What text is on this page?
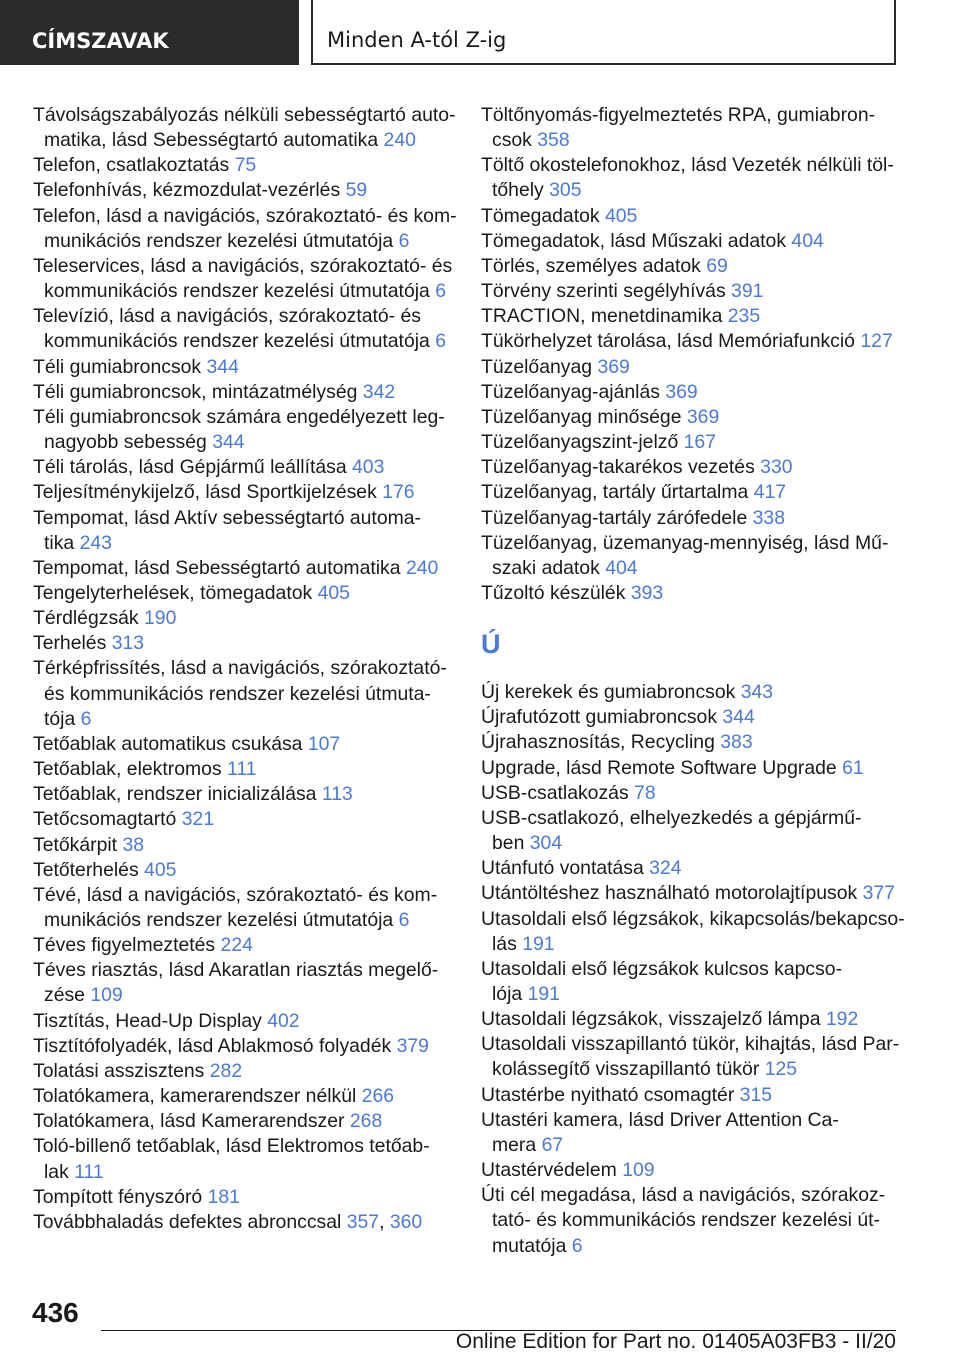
CÍMSZAVAK	Minden A-tól Z-ig
Távolságszabályozás nélküli sebességtartó auto-
matika, lásd Sebességtartó automatika 240
Telefon, csatlakoztatás 75
Telefonhívás, kézmozdulat-vezérlés 59
Telefon, lásd a navigációs, szórakoztató- és kom-
munikációs rendszer kezelési útmutatója 6
Teleservices, lásd a navigációs, szórakoztató- és
kommunikációs rendszer kezelési útmutatója 6
Televízió, lásd a navigációs, szórakoztató- és
kommunikációs rendszer kezelési útmutatója 6
Téli gumiabroncsok 344
Téli gumiabroncsok, mintázatmélység 342
Téli gumiabroncsok számára engedélyezett leg-
nagyobb sebesség 344
Téli tárolás, lásd Gépjármű leállítása 403
Teljesítménykijelző, lásd Sportkijelzések 176
Tempomat, lásd Aktív sebességtartó automa-
tika 243
Tempomat, lásd Sebességtartó automatika 240
Tengelyterhelések, tömegadatok 405
Térdlégzsák 190
Terhelés 313
Térképfrissítés, lásd a navigációs, szórakoztató-
és kommunikációs rendszer kezelési útmuta-
tója 6
Tetőablak automatikus csukása 107
Tetőablak, elektromos 111
Tetőablak, rendszer inicializálása 113
Tetőcsomagtartó 321
Tetőkárpit 38
Tetőterhelés 405
Tévé, lásd a navigációs, szórakoztató- és kom-
munikációs rendszer kezelési útmutatója 6
Téves figyelmeztetés 224
Téves riasztás, lásd Akaratlan riasztás megelő-
zése 109
Tisztítás, Head-Up Display 402
Tisztítófolyadék, lásd Ablakmosó folyadék 379
Tolatási asszisztens 282
Tolatókamera, kamerarendszer nélkül 266
Tolatókamera, lásd Kamerarendszer 268
Toló-billenő tetőablak, lásd Elektromos tetőab-
lak 111
Tompított fényszóró 181
Továbbhaladás defektes abronccsal 357, 360
Töltőnyomás-figyelmeztetés RPA, gumiabron-
csok 358
Töltő okostelefonokhoz, lásd Vezeték nélküli töl-
tőhely 305
Tömegadatok 405
Tömegadatok, lásd Műszaki adatok 404
Törlés, személyes adatok 69
Törvény szerinti segélyhívás 391
TRACTION, menetdinamika 235
Tükörhelyzet tárolása, lásd Memóriafunkció 127
Tüzelőanyag 369
Tüzelőanyag-ajánlás 369
Tüzelőanyag minősége 369
Tüzelőanyagszint-jelző 167
Tüzelőanyag-takarékos vezetés 330
Tüzelőanyag, tartály űrtartalma 417
Tüzelőanyag-tartály zárófedele 338
Tüzelőanyag, üzemanyag-mennyiség, lásd Mű-
szaki adatok 404
Tűzoltó készülék 393
Ú
Új kerekek és gumiabroncsok 343
Újrafutózott gumiabroncsok 344
Újrahasznosítás, Recycling 383
Upgrade, lásd Remote Software Upgrade 61
USB-csatlakozás 78
USB-csatlakozó, elhelyezkedés a gépjármű-
ben 304
Utánfutó vontatása 324
Utántöltéshez használható motorolajtípusok 377
Utasoldali első légzsákok, kikapcsolás/bekapcso-
lás 191
Utasoldali első légzsákok kulcsos kapcso-
lója 191
Utasoldali légzsákok, visszajelző lámpa 192
Utasoldali visszapillantó tükör, kihajtás, lásd Par-
kolássegítő visszapillantó tükör 125
Utastérbe nyitható csomagtér 315
Utastéri kamera, lásd Driver Attention Ca-
mera 67
Utastérvédelem 109
Úti cél megadása, lásd a navigációs, szórakoz-
tató- és kommunikációs rendszer kezelési út-
mutatója 6
436
Online Edition for Part no. 01405A03FB3 - II/20
